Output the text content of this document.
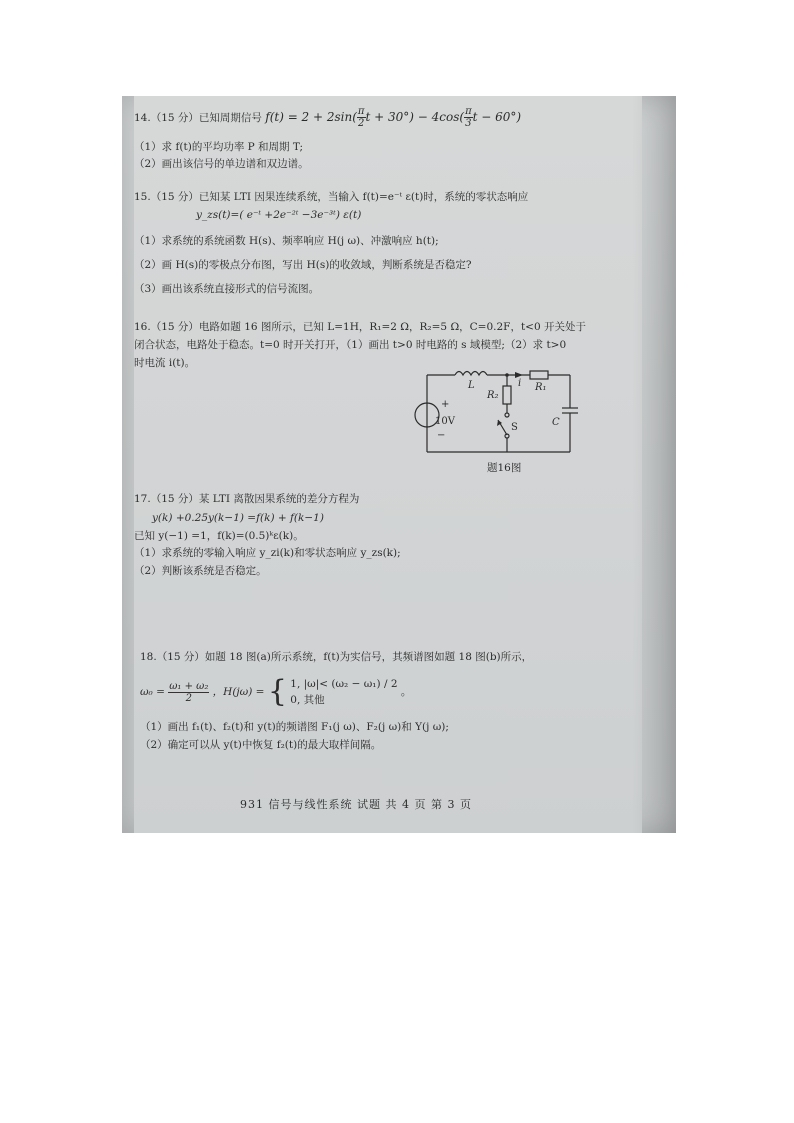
14.（15 分）已知周期信号 $f(t) = 2 + 2\sin( \frac{\pi}{2}$ $t + 30^\circ) - 4\cos( \frac{\pi}{3}$ t − 60°)
（1）求 f(t)的平均功率 P 和周期 T;
（2）画出该信号的单边谱和双边谱。
15.（15 分）已知某 LTI 因果连续系统，当输入 f(t)=e⁻ᵗ ε(t)时，系统的零状态响应
y_zs(t)=( e⁻ᵗ +2e⁻²ᵗ −3e⁻³ᵗ) ε(t)
（1）求系统的系统函数 H(s)、频率响应 H(j ω)、冲激响应 h(t);
（2）画 H(s)的零极点分布图，写出 H(s)的收敛域，判断系统是否稳定?
（3）画出该系统直接形式的信号流图。
16.（15 分）电路如题 16 图所示，已知 L=1H，R₁=2 Ω，R₂=5 Ω，C=0.2F，t<0 开关处于
闭合状态，电路处于稳态。t=0 时开关打开，（1）画出 t>0 时电路的 s 域模型;（2）求 t>0
时电流 i(t)。
L	i R₁
R₂
S	C
+
−
10V
题16图
17.（15 分）某 LTI 离散因果系统的差分方程为
y(k) +0.25y(k−1) =f(k) + f(k−1)
已知 y(−1) =1，f(k)=(0.5)ᵏε(k)。
（1）求系统的零输入响应 y_zi(k)和零状态响应 y_zs(k);
（2）判断该系统是否稳定。
18.（15 分）如题 18 图(a)所示系统，f(t)为实信号，其频谱图如题 18 图(b)所示，
$\omega_0 = \frac{\text{ω₁ + ω₂}}{2}$ ，H(jω) = { 1, |ω|< (ω₂ − ω₁) / 2
0, 其他
。
（1）画出 f₁(t)、f₂(t)和 y(t)的频谱图 F₁(j ω)、F₂(j ω)和 Y(j ω);
（2）确定可以从 y(t)中恢复 f₂(t)的最大取样间隔。
931 信号与线性系统 试题 共 4 页 第 3 页
